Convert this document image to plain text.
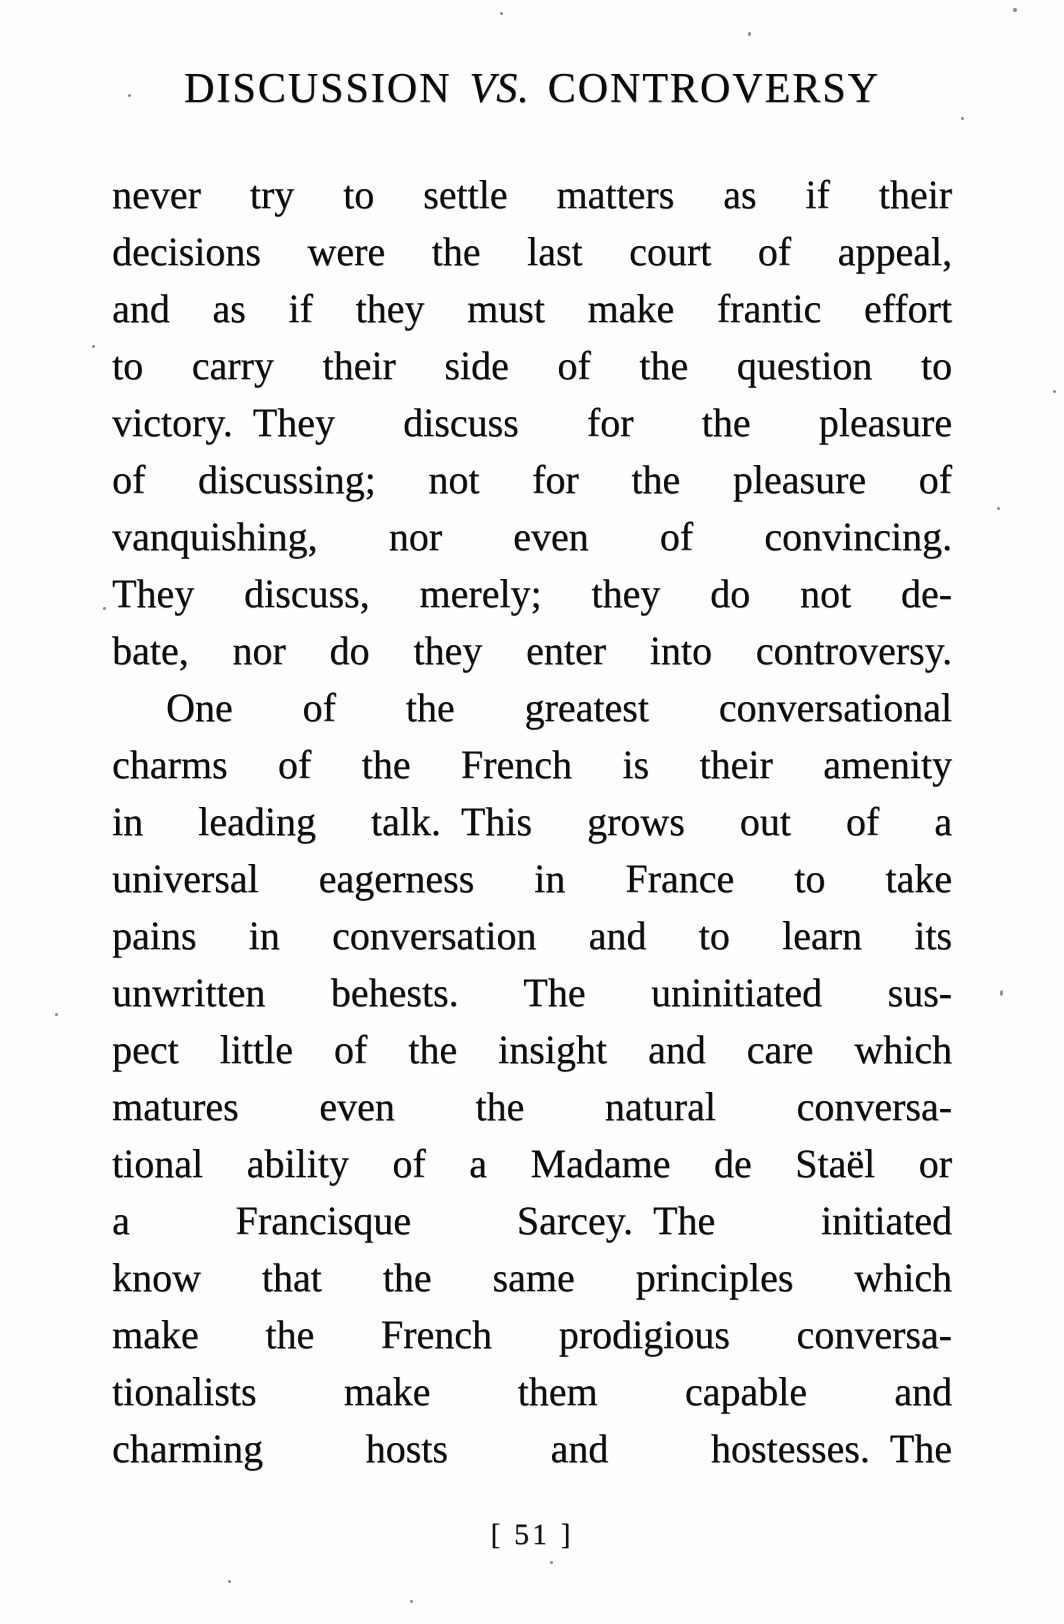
DISCUSSION VS. CONTROVERSY

never try to settle matters as if their

decisions were the last court of appeal,

and as if they must make frantic effort

to carry their side of the question to

victory. They discuss for the pleasure

of discussing; not for the pleasure of

vanquishing, nor even of convincing.

They discuss, merely; they do not de-

bate, nor do they enter into controversy.

One of the greatest conversational

charms of the French is their amenity

in leading talk. This grows out of a

universal eagerness in France to take

pains in conversation and to learn its

unwritten behests. The uninitiated sus-

pect little of the insight and care which

matures even the natural conversa-

tional ability of a Madame de Staël or

a Francisque Sarcey. The initiated

know that the same principles which

make the French prodigious conversa-

tionalists make them capable and

charming hosts and hostesses. The

[ 51 ]
